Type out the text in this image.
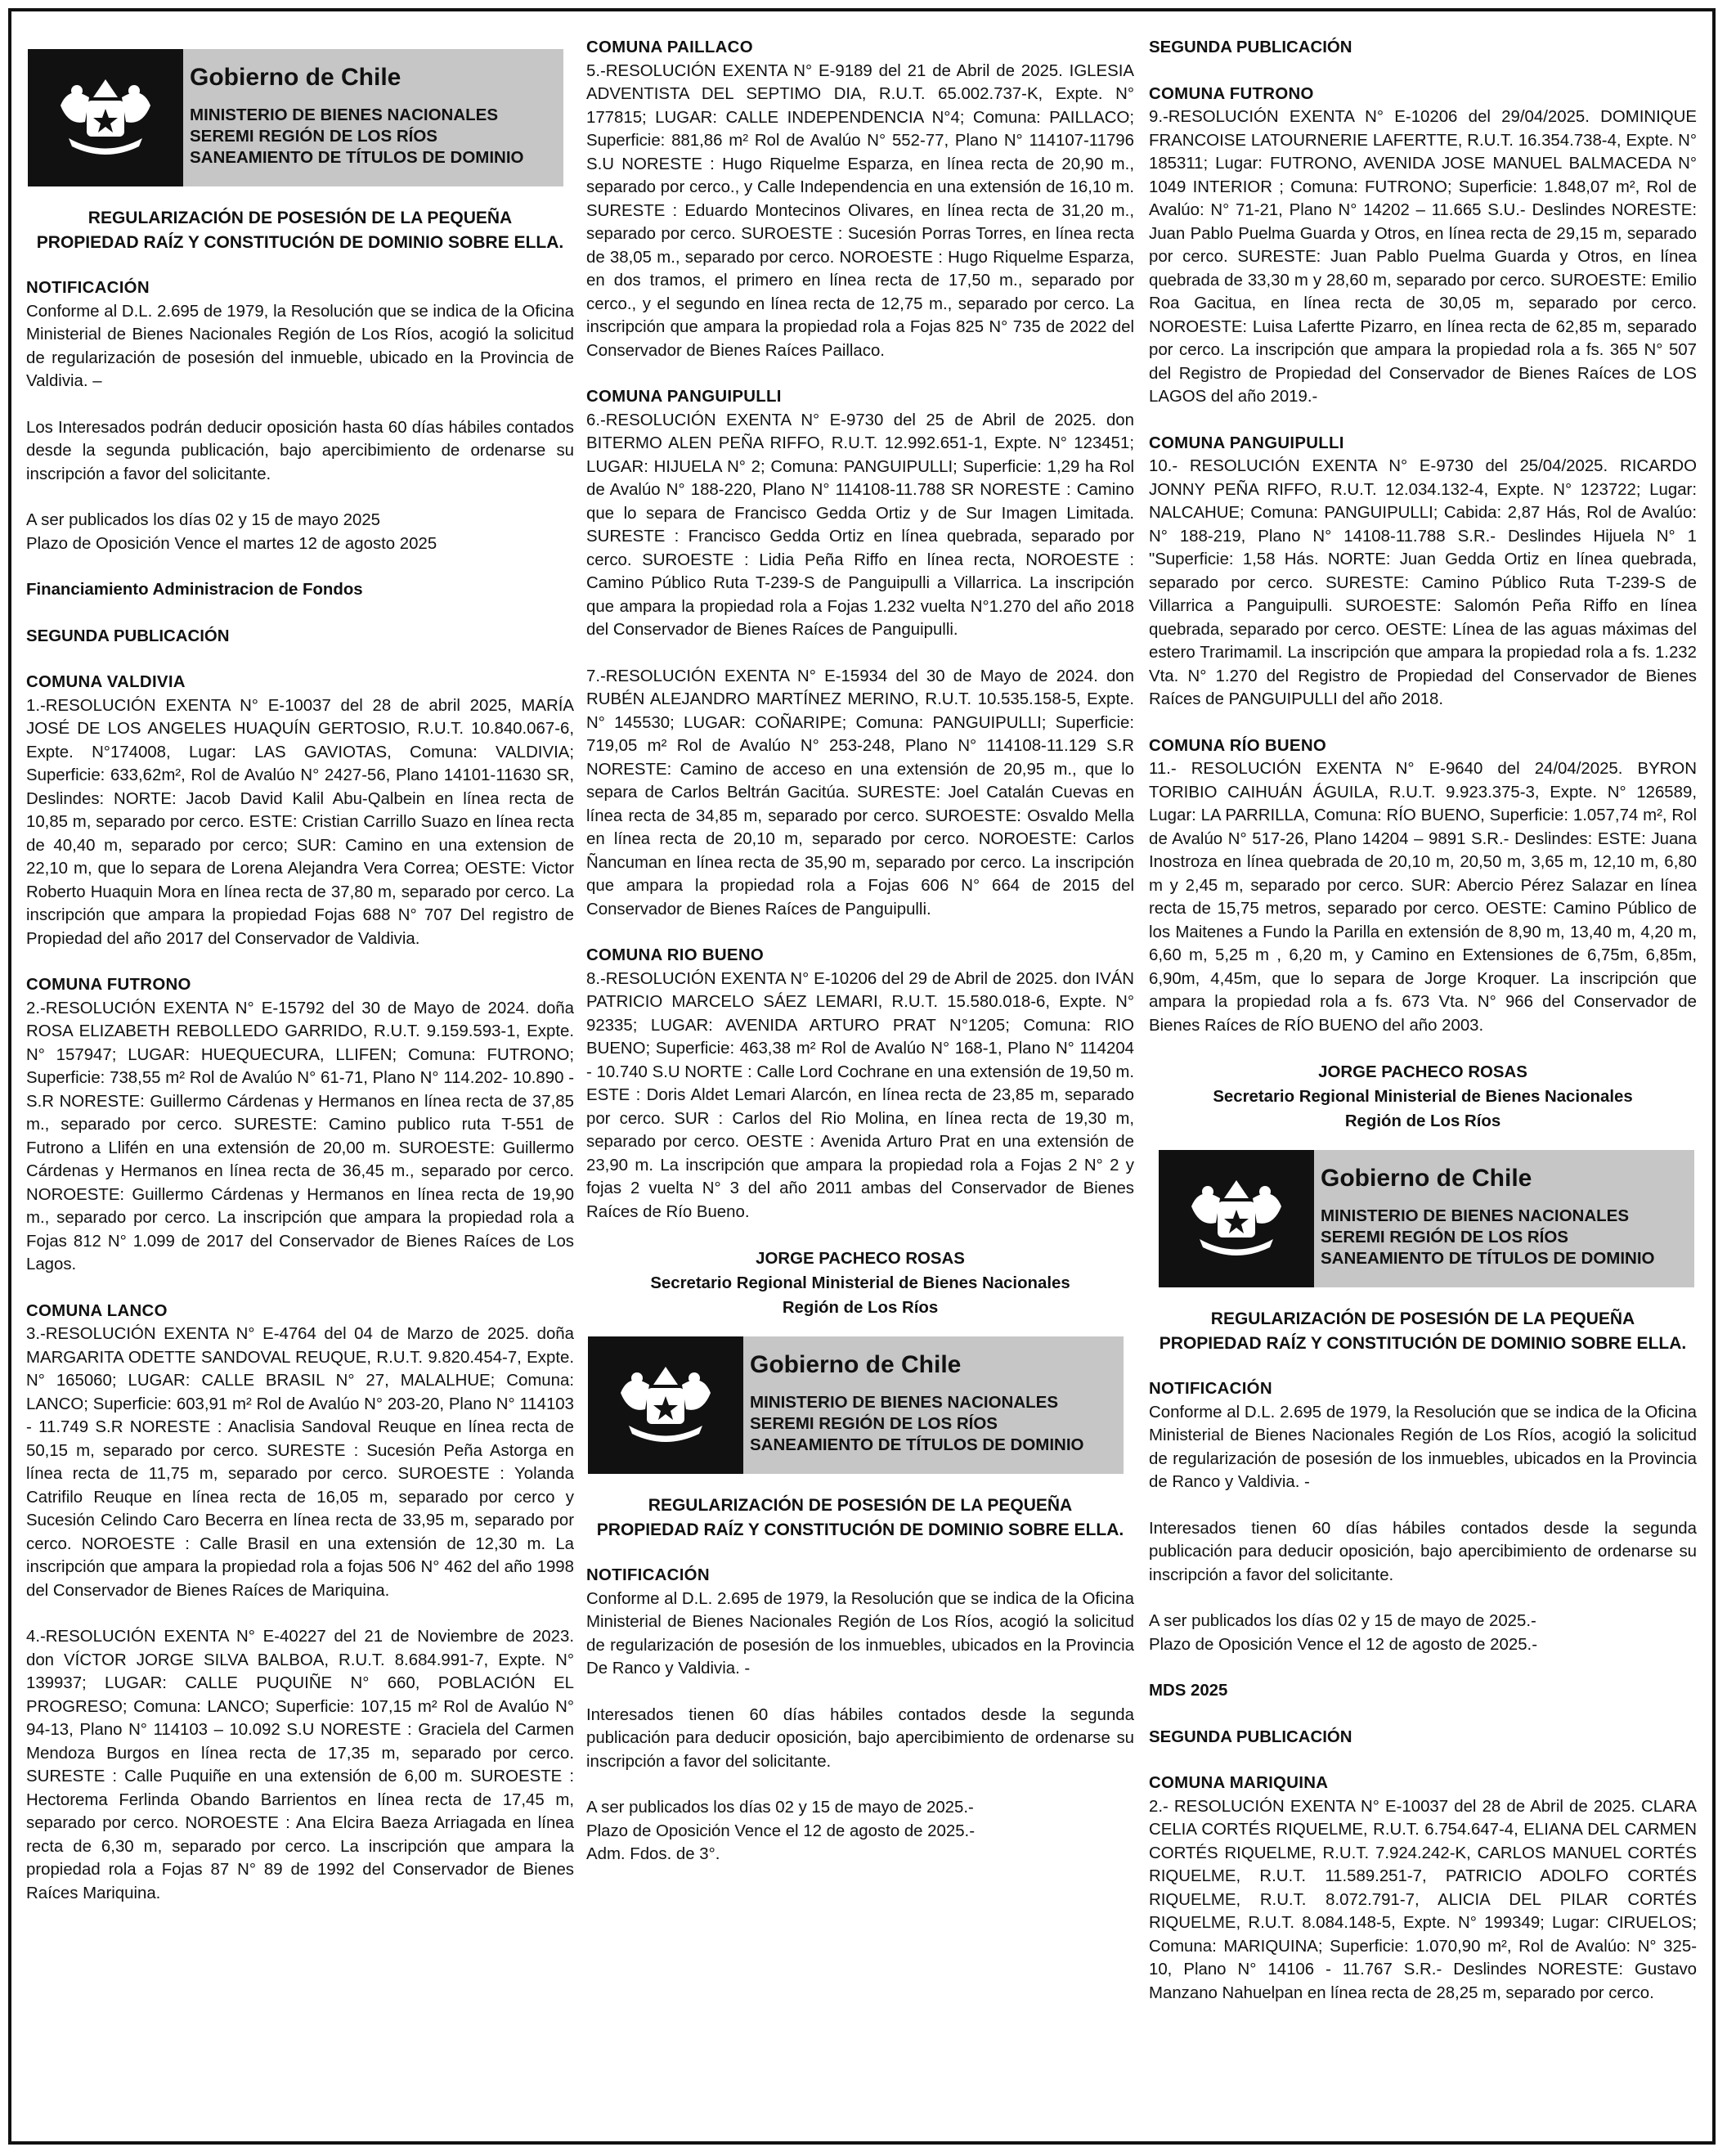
Gobierno de Chile
MINISTERIO DE BIENES NACIONALES
SEREMI REGIÓN DE LOS RÍOS
SANEAMIENTO DE TÍTULOS DE DOMINIO
REGULARIZACIÓN DE POSESIÓN DE LA PEQUEÑA
PROPIEDAD RAÍZ Y CONSTITUCIÓN DE DOMINIO SOBRE ELLA.
NOTIFICACIÓN

Conforme al D.L. 2.695 de 1979, la Resolución que se indica de la Oficina Ministerial de Bienes Nacionales Región de Los Ríos, acogió la solicitud de regularización de posesión del inmueble, ubicado en la Provincia de Valdivia. –

Los Interesados podrán deducir oposición hasta 60 días hábiles contados desde la segunda publicación, bajo apercibimiento de ordenarse su inscripción a favor del solicitante.

A ser publicados los días 02 y 15 de mayo 2025

Plazo de Oposición Vence el martes 12 de agosto 2025

Financiamiento Administracion de Fondos

SEGUNDA PUBLICACIÓN

COMUNA VALDIVIA

1.-RESOLUCIÓN EXENTA N° E-10037 del 28 de abril 2025, MARÍA JOSÉ DE LOS ANGELES HUAQUÍN GERTOSIO, R.U.T. 10.840.067-6, Expte. N°174008, Lugar: LAS GAVIOTAS, Comuna: VALDIVIA; Superficie: 633,62m², Rol de Avalúo N° 2427-56, Plano 14101-11630 SR, Deslindes: NORTE: Jacob David Kalil Abu-Qalbein en línea recta de 10,85 m, separado por cerco. ESTE: Cristian Carrillo Suazo en línea recta de 40,40 m, separado por cerco; SUR: Camino en una extension de 22,10 m, que lo separa de Lorena Alejandra Vera Correa; OESTE: Victor Roberto Huaquin Mora en línea recta de 37,80 m, separado por cerco. La inscripción que ampara la propiedad Fojas 688 N° 707 Del registro de Propiedad del año 2017 del Conservador de Valdivia.

COMUNA FUTRONO

2.-RESOLUCIÓN EXENTA N° E-15792 del 30 de Mayo de 2024. doña ROSA ELIZABETH REBOLLEDO GARRIDO, R.U.T. 9.159.593-1, Expte. N° 157947; LUGAR: HUEQUECURA, LLIFEN; Comuna: FUTRONO; Superficie: 738,55 m² Rol de Avalúo N° 61-71, Plano N° 114.202- 10.890 -S.R NORESTE: Guillermo Cárdenas y Hermanos en línea recta de 37,85 m., separado por cerco. SURESTE: Camino publico ruta T-551 de Futrono a Llifén en una extensión de 20,00 m. SUROESTE: Guillermo Cárdenas y Hermanos en línea recta de 36,45 m., separado por cerco. NOROESTE: Guillermo Cárdenas y Hermanos en línea recta de 19,90 m., separado por cerco. La inscripción que ampara la propiedad rola a Fojas 812 N° 1.099 de 2017 del Conservador de Bienes Raíces de Los Lagos.

COMUNA LANCO

3.-RESOLUCIÓN EXENTA N° E-4764 del 04 de Marzo de 2025. doña MARGARITA ODETTE SANDOVAL REUQUE, R.U.T. 9.820.454-7, Expte. N° 165060; LUGAR: CALLE BRASIL N° 27, MALALHUE; Comuna: LANCO; Superficie: 603,91 m² Rol de Avalúo N° 203-20, Plano N° 114103 - 11.749 S.R NORESTE : Anaclisia Sandoval Reuque en línea recta de 50,15 m, separado por cerco. SURESTE : Sucesión Peña Astorga en línea recta de 11,75 m, separado por cerco. SUROESTE : Yolanda Catrifilo Reuque en línea recta de 16,05 m, separado por cerco y Sucesión Celindo Caro Becerra en línea recta de 33,95 m, separado por cerco. NOROESTE : Calle Brasil en una extensión de 12,30 m. La inscripción que ampara la propiedad rola a fojas 506 N° 462 del año 1998 del Conservador de Bienes Raíces de Mariquina.

4.-RESOLUCIÓN EXENTA N° E-40227 del 21 de Noviembre de 2023. don VÍCTOR JORGE SILVA BALBOA, R.U.T. 8.684.991-7, Expte. N° 139937; LUGAR: CALLE PUQUIÑE N° 660, POBLACIÓN EL PROGRESO; Comuna: LANCO; Superficie: 107,15 m² Rol de Avalúo N° 94-13, Plano N° 114103 – 10.092 S.U NORESTE : Graciela del Carmen Mendoza Burgos en línea recta de 17,35 m, separado por cerco. SURESTE : Calle Puquiñe en una extensión de 6,00 m. SUROESTE : Hectorema Ferlinda Obando Barrientos en línea recta de 17,45 m, separado por cerco. NOROESTE : Ana Elcira Baeza Arriagada en línea recta de 6,30 m, separado por cerco. La inscripción que ampara la propiedad rola a Fojas 87 N° 89 de 1992 del Conservador de Bienes Raíces Mariquina.

COMUNA PAILLACO

5.-RESOLUCIÓN EXENTA N° E-9189 del 21 de Abril de 2025. IGLESIA ADVENTISTA DEL SEPTIMO DIA, R.U.T. 65.002.737-K, Expte. N° 177815; LUGAR: CALLE INDEPENDENCIA N°4; Comuna: PAILLACO; Superficie: 881,86 m² Rol de Avalúo N° 552-77, Plano N° 114107-11796 S.U NORESTE : Hugo Riquelme Esparza, en línea recta de 20,90 m., separado por cerco., y Calle Independencia en una extensión de 16,10 m. SURESTE : Eduardo Montecinos Olivares, en línea recta de 31,20 m., separado por cerco. SUROESTE : Sucesión Porras Torres, en línea recta de 38,05 m., separado por cerco. NOROESTE : Hugo Riquelme Esparza, en dos tramos, el primero en línea recta de 17,50 m., separado por cerco., y el segundo en línea recta de 12,75 m., separado por cerco. La inscripción que ampara la propiedad rola a Fojas 825 N° 735 de 2022 del Conservador de Bienes Raíces Paillaco.

COMUNA PANGUIPULLI

6.-RESOLUCIÓN EXENTA N° E-9730 del 25 de Abril de 2025. don BITERMO ALEN PEÑA RIFFO, R.U.T. 12.992.651-1, Expte. N° 123451; LUGAR: HIJUELA N° 2; Comuna: PANGUIPULLI; Superficie: 1,29 ha Rol de Avalúo N° 188-220, Plano N° 114108-11.788 SR NORESTE : Camino que lo separa de Francisco Gedda Ortiz y de Sur Imagen Limitada. SURESTE : Francisco Gedda Ortiz en línea quebrada, separado por cerco. SUROESTE : Lidia Peña Riffo en línea recta, NOROESTE : Camino Público Ruta T-239-S de Panguipulli a Villarrica. La inscripción que ampara la propiedad rola a Fojas 1.232 vuelta N°1.270 del año 2018 del Conservador de Bienes Raíces de Panguipulli.

7.-RESOLUCIÓN EXENTA N° E-15934 del 30 de Mayo de 2024. don RUBÉN ALEJANDRO MARTÍNEZ MERINO, R.U.T. 10.535.158-5, Expte. N° 145530; LUGAR: COÑARIPE; Comuna: PANGUIPULLI; Superficie: 719,05 m² Rol de Avalúo N° 253-248, Plano N° 114108-11.129 S.R NORESTE: Camino de acceso en una extensión de 20,95 m., que lo separa de Carlos Beltrán Gacitúa. SURESTE: Joel Catalán Cuevas en línea recta de 34,85 m, separado por cerco. SUROESTE: Osvaldo Mella en línea recta de 20,10 m, separado por cerco. NOROESTE: Carlos Ñancuman en línea recta de 35,90 m, separado por cerco. La inscripción que ampara la propiedad rola a Fojas 606 N° 664 de 2015 del Conservador de Bienes Raíces de Panguipulli.

COMUNA RIO BUENO

8.-RESOLUCIÓN EXENTA N° E-10206 del 29 de Abril de 2025. don IVÁN PATRICIO MARCELO SÁEZ LEMARI, R.U.T. 15.580.018-6, Expte. N° 92335; LUGAR: AVENIDA ARTURO PRAT N°1205; Comuna: RIO BUENO; Superficie: 463,38 m² Rol de Avalúo N° 168-1, Plano N° 114204 - 10.740 S.U NORTE : Calle Lord Cochrane en una extensión de 19,50 m. ESTE : Doris Aldet Lemari Alarcón, en línea recta de 23,85 m, separado por cerco. SUR : Carlos del Rio Molina, en línea recta de 19,30 m, separado por cerco. OESTE : Avenida Arturo Prat en una extensión de 23,90 m. La inscripción que ampara la propiedad rola a Fojas 2 N° 2 y fojas 2 vuelta N° 3 del año 2011 ambas del Conservador de Bienes Raíces de Río Bueno.

JORGE PACHECO ROSAS
Secretario Regional Ministerial de Bienes Nacionales
Región de Los Ríos
Gobierno de Chile
MINISTERIO DE BIENES NACIONALES
SEREMI REGIÓN DE LOS RÍOS
SANEAMIENTO DE TÍTULOS DE DOMINIO
REGULARIZACIÓN DE POSESIÓN DE LA PEQUEÑA
PROPIEDAD RAÍZ Y CONSTITUCIÓN DE DOMINIO SOBRE ELLA.
NOTIFICACIÓN

Conforme al D.L. 2.695 de 1979, la Resolución que se indica de la Oficina Ministerial de Bienes Nacionales Región de Los Ríos, acogió la solicitud de regularización de posesión de los inmuebles, ubicados en la Provincia De Ranco y Valdivia. -

Interesados tienen 60 días hábiles contados desde la segunda publicación para deducir oposición, bajo apercibimiento de ordenarse su inscripción a favor del solicitante.

A ser publicados los días 02 y 15 de mayo de 2025.-

Plazo de Oposición Vence el 12 de agosto de 2025.-

Adm. Fdos. de 3°.

SEGUNDA PUBLICACIÓN

COMUNA FUTRONO

9.-RESOLUCIÓN EXENTA N° E-10206 del 29/04/2025. DOMINIQUE FRANCOISE LATOURNERIE LAFERTTE, R.U.T. 16.354.738-4, Expte. N° 185311; Lugar: FUTRONO, AVENIDA JOSE MANUEL BALMACEDA N° 1049 INTERIOR ; Comuna: FUTRONO; Superficie: 1.848,07 m², Rol de Avalúo: N° 71-21, Plano N° 14202 – 11.665 S.U.- Deslindes NORESTE: Juan Pablo Puelma Guarda y Otros, en línea recta de 29,15 m, separado por cerco. SURESTE: Juan Pablo Puelma Guarda y Otros, en línea quebrada de 33,30 m y 28,60 m, separado por cerco. SUROESTE: Emilio Roa Gacitua, en línea recta de 30,05 m, separado por cerco. NOROESTE: Luisa Lafertte Pizarro, en línea recta de 62,85 m, separado por cerco. La inscripción que ampara la propiedad rola a fs. 365 N° 507 del Registro de Propiedad del Conservador de Bienes Raíces de LOS LAGOS del año 2019.-

COMUNA PANGUIPULLI

10.- RESOLUCIÓN EXENTA N° E-9730 del 25/04/2025. RICARDO JONNY PEÑA RIFFO, R.U.T. 12.034.132-4, Expte. N° 123722; Lugar: NALCAHUE; Comuna: PANGUIPULLI; Cabida: 2,87 Hás, Rol de Avalúo: N° 188-219, Plano N° 14108-11.788 S.R.- Deslindes Hijuela N° 1 "Superficie: 1,58 Hás. NORTE: Juan Gedda Ortiz en línea quebrada, separado por cerco. SURESTE: Camino Público Ruta T-239-S de Villarrica a Panguipulli. SUROESTE: Salomón Peña Riffo en línea quebrada, separado por cerco. OESTE: Línea de las aguas máximas del estero Trarimamil. La inscripción que ampara la propiedad rola a fs. 1.232 Vta. N° 1.270 del Registro de Propiedad del Conservador de Bienes Raíces de PANGUIPULLI del año 2018.

COMUNA RÍO BUENO

11.- RESOLUCIÓN EXENTA N° E-9640 del 24/04/2025. BYRON TORIBIO CAIHUÁN ÁGUILA, R.U.T. 9.923.375-3, Expte. N° 126589, Lugar: LA PARRILLA, Comuna: RÍO BUENO, Superficie: 1.057,74 m², Rol de Avalúo N° 517-26, Plano 14204 – 9891 S.R.- Deslindes: ESTE: Juana Inostroza en línea quebrada de 20,10 m, 20,50 m, 3,65 m, 12,10 m, 6,80 m y 2,45 m, separado por cerco. SUR: Abercio Pérez Salazar en línea recta de 15,75 metros, separado por cerco. OESTE: Camino Público de los Maitenes a Fundo la Parilla en extensión de 8,90 m, 13,40 m, 4,20 m, 6,60 m, 5,25 m , 6,20 m, y Camino en Extensiones de 6,75m, 6,85m, 6,90m, 4,45m, que lo separa de Jorge Kroquer. La inscripción que ampara la propiedad rola a fs. 673 Vta. N° 966 del Conservador de Bienes Raíces de RÍO BUENO del año 2003.

JORGE PACHECO ROSAS
Secretario Regional Ministerial de Bienes Nacionales
Región de Los Ríos
Gobierno de Chile
MINISTERIO DE BIENES NACIONALES
SEREMI REGIÓN DE LOS RÍOS
SANEAMIENTO DE TÍTULOS DE DOMINIO
REGULARIZACIÓN DE POSESIÓN DE LA PEQUEÑA
PROPIEDAD RAÍZ Y CONSTITUCIÓN DE DOMINIO SOBRE ELLA.
NOTIFICACIÓN

Conforme al D.L. 2.695 de 1979, la Resolución que se indica de la Oficina Ministerial de Bienes Nacionales Región de Los Ríos, acogió la solicitud de regularización de posesión de los inmuebles, ubicados en la Provincia de Ranco y Valdivia. -

Interesados tienen 60 días hábiles contados desde la segunda publicación para deducir oposición, bajo apercibimiento de ordenarse su inscripción a favor del solicitante.

A ser publicados los días 02 y 15 de mayo de 2025.-

Plazo de Oposición Vence el 12 de agosto de 2025.-

MDS 2025

SEGUNDA PUBLICACIÓN

COMUNA MARIQUINA

2.- RESOLUCIÓN EXENTA N° E-10037 del 28 de Abril de 2025. CLARA CELIA CORTÉS RIQUELME, R.U.T. 6.754.647-4, ELIANA DEL CARMEN CORTÉS RIQUELME, R.U.T. 7.924.242-K, CARLOS MANUEL CORTÉS RIQUELME, R.U.T. 11.589.251-7, PATRICIO ADOLFO CORTÉS RIQUELME, R.U.T. 8.072.791-7, ALICIA DEL PILAR CORTÉS RIQUELME, R.U.T. 8.084.148-5, Expte. N° 199349; Lugar: CIRUELOS; Comuna: MARIQUINA; Superficie: 1.070,90 m², Rol de Avalúo: N° 325-10, Plano N° 14106 - 11.767 S.R.- Deslindes NORESTE: Gustavo Manzano Nahuelpan en línea recta de 28,25 m, separado por cerco.
